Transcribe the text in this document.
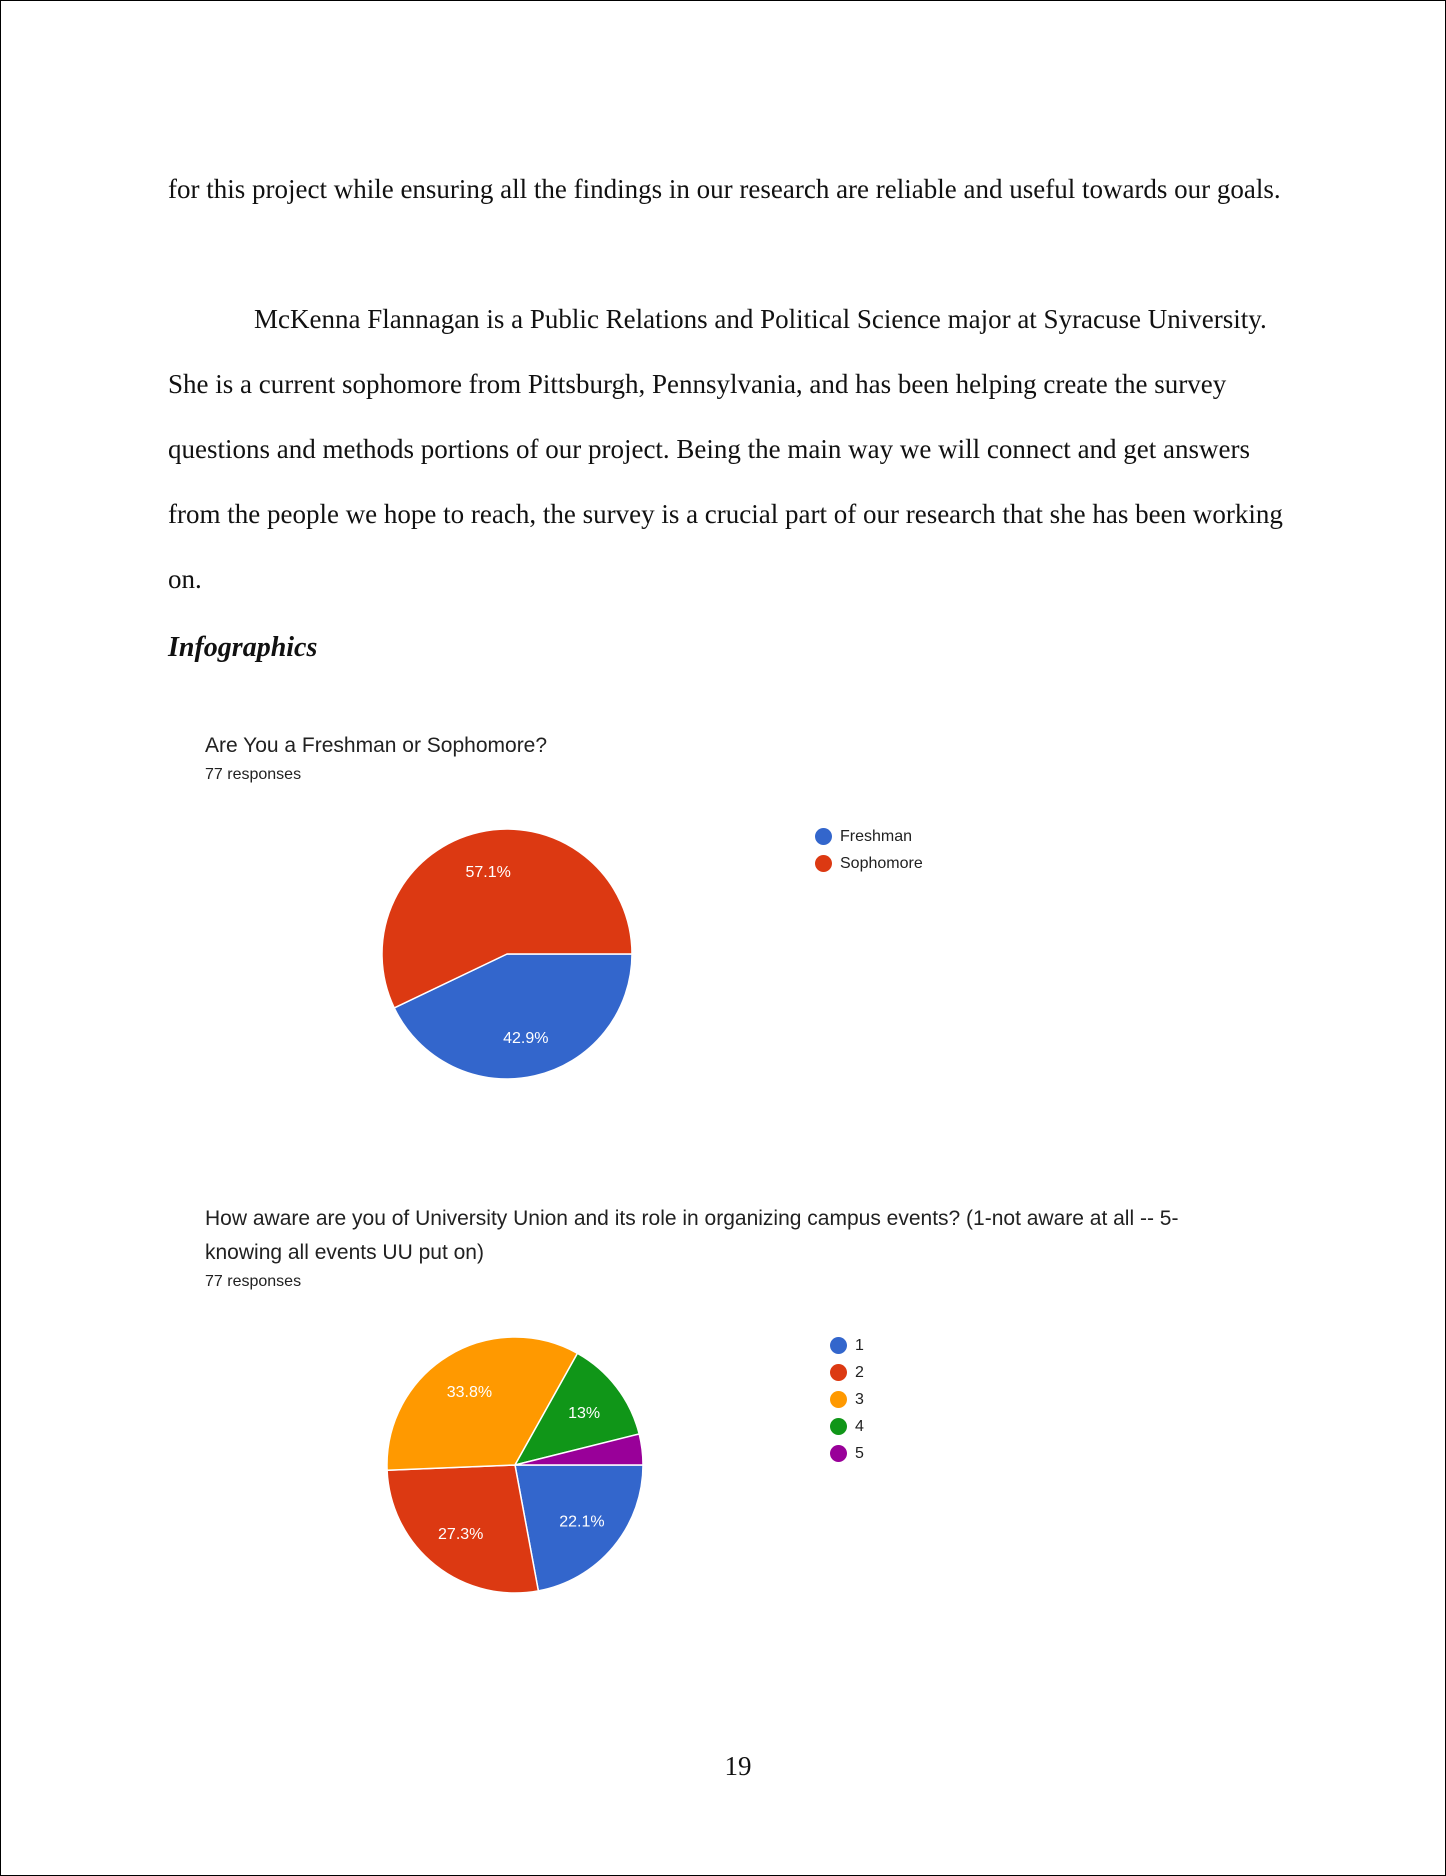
for this project while ensuring all the findings in our research are reliable and useful towards our goals.

McKenna Flannagan is a Public Relations and Political Science major at Syracuse University. She is a current sophomore from Pittsburgh, Pennsylvania, and has been helping create the survey questions and methods portions of our project. Being the main way we will connect and get answers from the people we hope to reach, the survey is a crucial part of our research that she has been working on.

Infographics
Are You a Freshman or Sophomore?
77 responses
How aware are you of University Union and its role in organizing campus events? (1-not aware at all -- 5-knowing all events UU put on)
77 responses
42.9%
57.1%
22.1%
27.3%
33.8%
13%
Freshman
Sophomore
1
2
3
4
5
19
